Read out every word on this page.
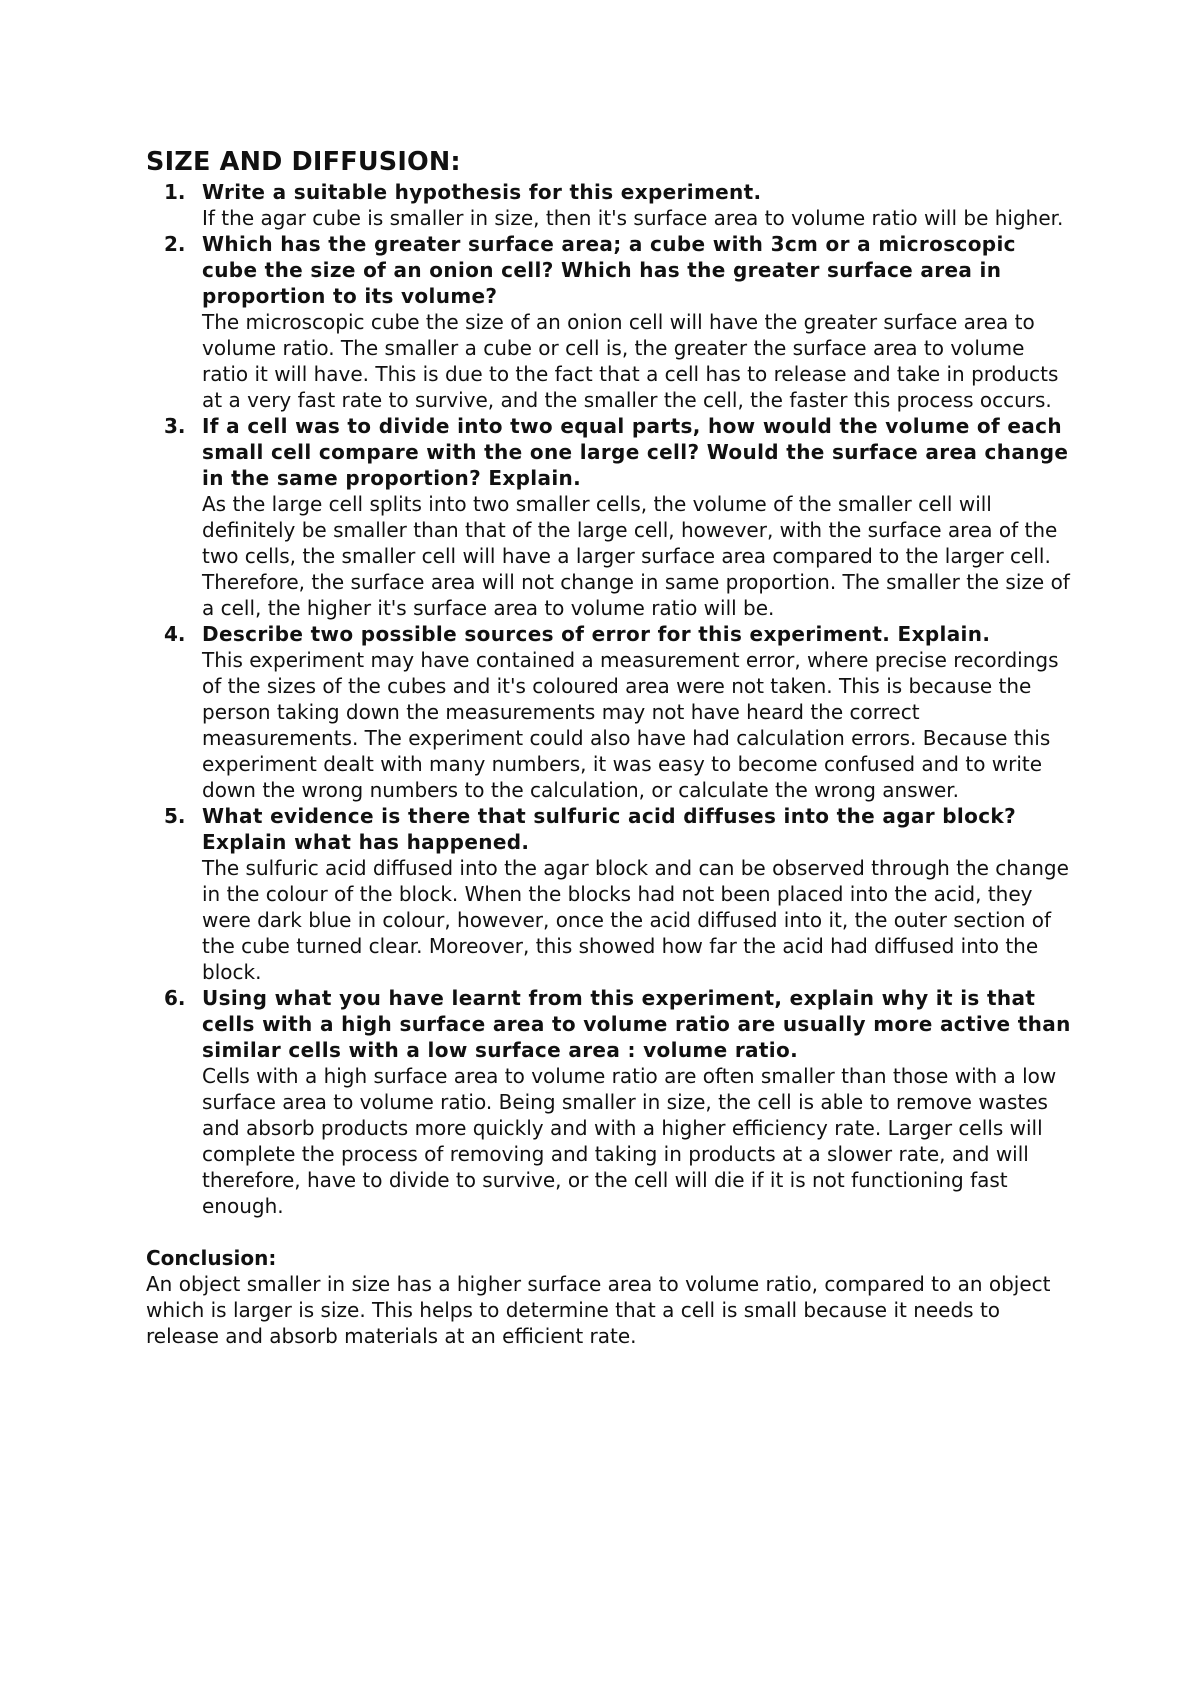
SIZE AND DIFFUSION:
1. Write a suitable hypothesis for this experiment.
If the agar cube is smaller in size, then it's surface area to volume ratio will be higher.
2. Which has the greater surface area; a cube with 3cm or a microscopic cube the size of an onion cell? Which has the greater surface area in proportion to its volume?
The microscopic cube the size of an onion cell will have the greater surface area to volume ratio. The smaller a cube or cell is, the greater the surface area to volume ratio it will have. This is due to the fact that a cell has to release and take in products at a very fast rate to survive, and the smaller the cell, the faster this process occurs.
3. If a cell was to divide into two equal parts, how would the volume of each small cell compare with the one large cell? Would the surface area change in the same proportion? Explain.
As the large cell splits into two smaller cells, the volume of the smaller cell will definitely be smaller than that of the large cell, however, with the surface area of the two cells, the smaller cell will have a larger surface area compared to the larger cell. Therefore, the surface area will not change in same proportion. The smaller the size of a cell, the higher it's surface area to volume ratio will be.
4. Describe two possible sources of error for this experiment. Explain.
This experiment may have contained a measurement error, where precise recordings of the sizes of the cubes and it's coloured area were not taken. This is because the person taking down the measurements may not have heard the correct measurements. The experiment could also have had calculation errors. Because this experiment dealt with many numbers, it was easy to become confused and to write down the wrong numbers to the calculation, or calculate the wrong answer.
5. What evidence is there that sulfuric acid diffuses into the agar block? Explain what has happened.
The sulfuric acid diffused into the agar block and can be observed through the change in the colour of the block. When the blocks had not been placed into the acid, they were dark blue in colour, however, once the acid diffused into it, the outer section of the cube turned clear. Moreover, this showed how far the acid had diffused into the block.
6. Using what you have learnt from this experiment, explain why it is that cells with a high surface area to volume ratio are usually more active than similar cells with a low surface area : volume ratio.
Cells with a high surface area to volume ratio are often smaller than those with a low surface area to volume ratio. Being smaller in size, the cell is able to remove wastes and absorb products more quickly and with a higher efficiency rate. Larger cells will complete the process of removing and taking in products at a slower rate, and will therefore, have to divide to survive, or the cell will die if it is not functioning fast enough.
Conclusion:
An object smaller in size has a higher surface area to volume ratio, compared to an object which is larger is size. This helps to determine that a cell is small because it needs to release and absorb materials at an efficient rate.
